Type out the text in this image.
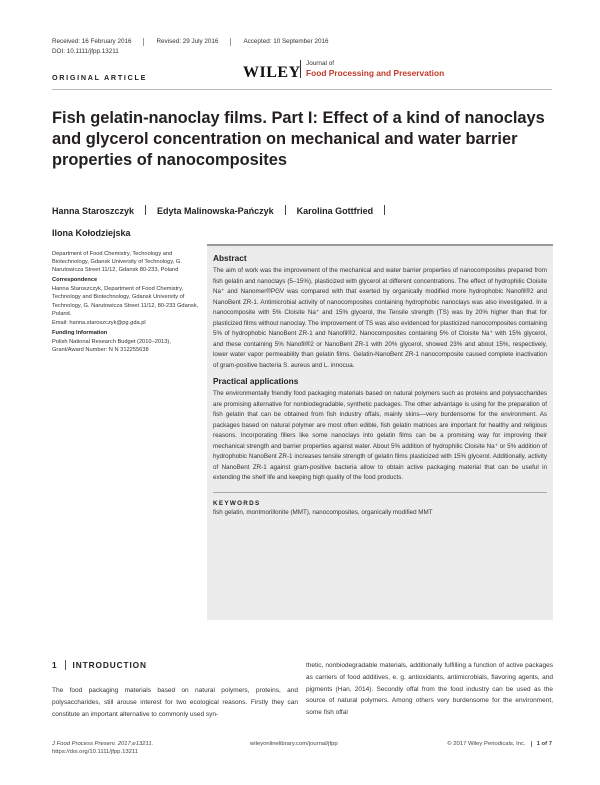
Received: 16 February 2016	Revised: 29 July 2016	Accepted: 10 September 2016
DOI: 10.1111/jfpp.13211
ORIGINAL ARTICLE	WILEY
Journal of
Food Processing and Preservation
Fish gelatin-nanoclay films. Part I: Effect of a kind of nanoclays and glycerol concentration on mechanical and water barrier properties of nanocomposites
Hanna Staroszczyk	Edyta Malinowska-Pańczyk	Karolina Gottfried
Ilona Kołodziejska

Department of Food Chemistry, Technology and Biotechnology, Gdansk University of Technology, G. Narutowicza Street 11/12, Gdansk 80-233, Poland

Correspondence

Hanna Staroszczyk, Department of Food Chemistry, Technology and Biotechnology, Gdansk University of Technology, G. Narutowicza Street 11/12, 80-233 Gdansk, Poland.

Email: hanna.staroszczyk@pg.gda.pl

Funding Information

Polish National Research Budget (2010–2013), Grant/Award Number: N N 312255638

Abstract

The aim of work was the improvement of the mechanical and water barrier properties of nanocomposites prepared from fish gelatin and nanoclays (5–15%), plasticized with glycerol at different concentrations. The effect of hydrophilic Cloisite Na⁺ and Nanomer®PGV was compared with that exerted by organically modified more hydrophobic Nanofil®2 and NanoBent ZR-1. Antimicrobial activity of nanocomposites containing hydrophobic nanoclays was also investigated. In a nanocomposite with 5% Cloisite Na⁺ and 15% glycerol, the Tensile strength (TS) was by 20% higher than that for plasticized films without nanoclay. The improvement of TS was also evidenced for plasticized nanocomposites containing 5% of hydrophobic NanoBent ZR-1 and Nanofil®2. Nanocomposites containing 5% of Cloisite Na⁺ with 15% glycerol, and these containing 5% Nanofil®2 or NanoBent ZR-1 with 20% glycerol, showed 23% and about 15%, respectively, lower water vapor permeability than gelatin films. Gelatin-NanoBent ZR-1 nanocomposite caused complete inactivation of gram-positive bacteria S. aureus and L. innocua.

Practical applications

The environmentally friendly food packaging materials based on natural polymers such as proteins and polysaccharides are promising alternative for nonbiodegradable, synthetic packages. The other advantage is using for the preparation of fish gelatin that can be obtained from fish industry offals, mainly skins—very burdensome for the environment. As packages based on natural polymer are most often edible, fish gelatin matrices are important for healthy and religious reasons. Incorporating fillers like some nanoclays into gelatin films can be a promising way for improving their mechanical strength and barrier properties against water. About 5% addition of hydrophilic Cloisite Na⁺ or 5% addition of hydrophobic NanoBent ZR-1 increases tensile strength of gelatin films plasticized with 15% glycerol. Additionally, activity of NanoBent ZR-1 against gram-positive bacteria allow to obtain active packaging material that can be useful in extending the shelf life and keeping high quality of the food products.

KEYWORDS
fish gelatin, montmorillonite (MMT), nanocomposites, organically modified MMT
1 INTRODUCTION

The food packaging materials based on natural polymers, proteins, and polysaccharides, still arouse interest for two ecological reasons. Firstly they can constitute an important alternative to commonly used syn-

thetic, nonbiodegradable materials, additionally fulfilling a function of active packages as carriers of food additives, e. g. antioxidants, antimicrobials, flavoring agents, and pigments (Han, 2014). Secondly offal from the food industry can be used as the source of natural polymers. Among others very burdensome for the environment, some fish offal

J Food Process Preserv. 2017;e13211.
https://doi.org/10.1111/jfpp.13211
wileyonlinelibrary.com/journal/jfpp	© 2017 Wiley Periodicals, Inc. 1 of 7
